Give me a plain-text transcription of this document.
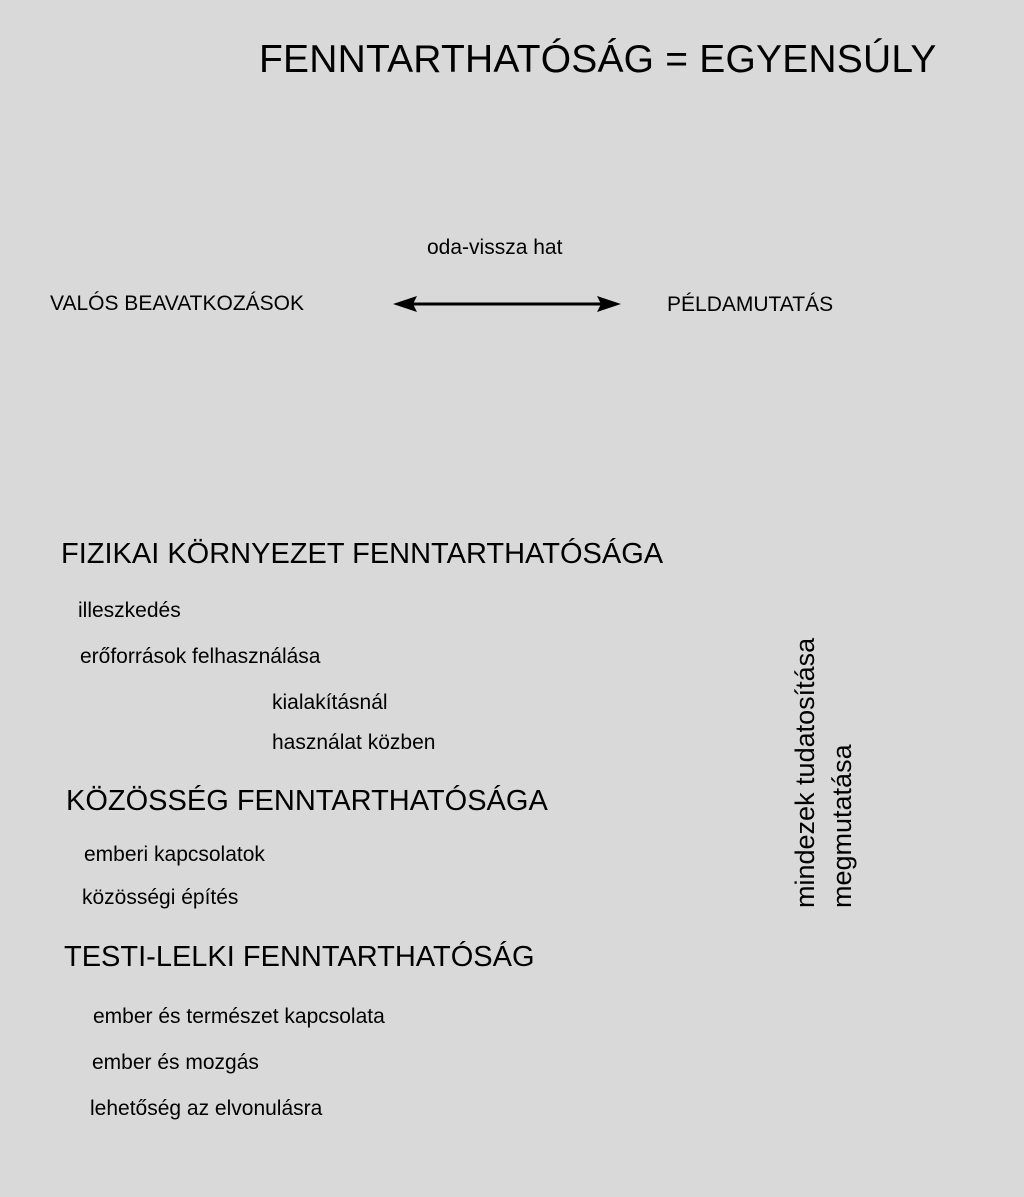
FENNTARTHATÓSÁG = EGYENSÚLY
oda-vissza hat
VALÓS BEAVATKOZÁSOK	PÉLDAMUTATÁS
FIZIKAI KÖRNYEZET FENNTARTHATÓSÁGA
illeszkedés
erőforrások felhasználása
kialakításnál
használat közben
KÖZÖSSÉG FENNTARTHATÓSÁGA
emberi kapcsolatok
közösségi építés
TESTI-LELKI FENNTARTHATÓSÁG
ember és természet kapcsolata
ember és mozgás
lehetőség az elvonulásra
mindezek tudatosítása megmutatása
